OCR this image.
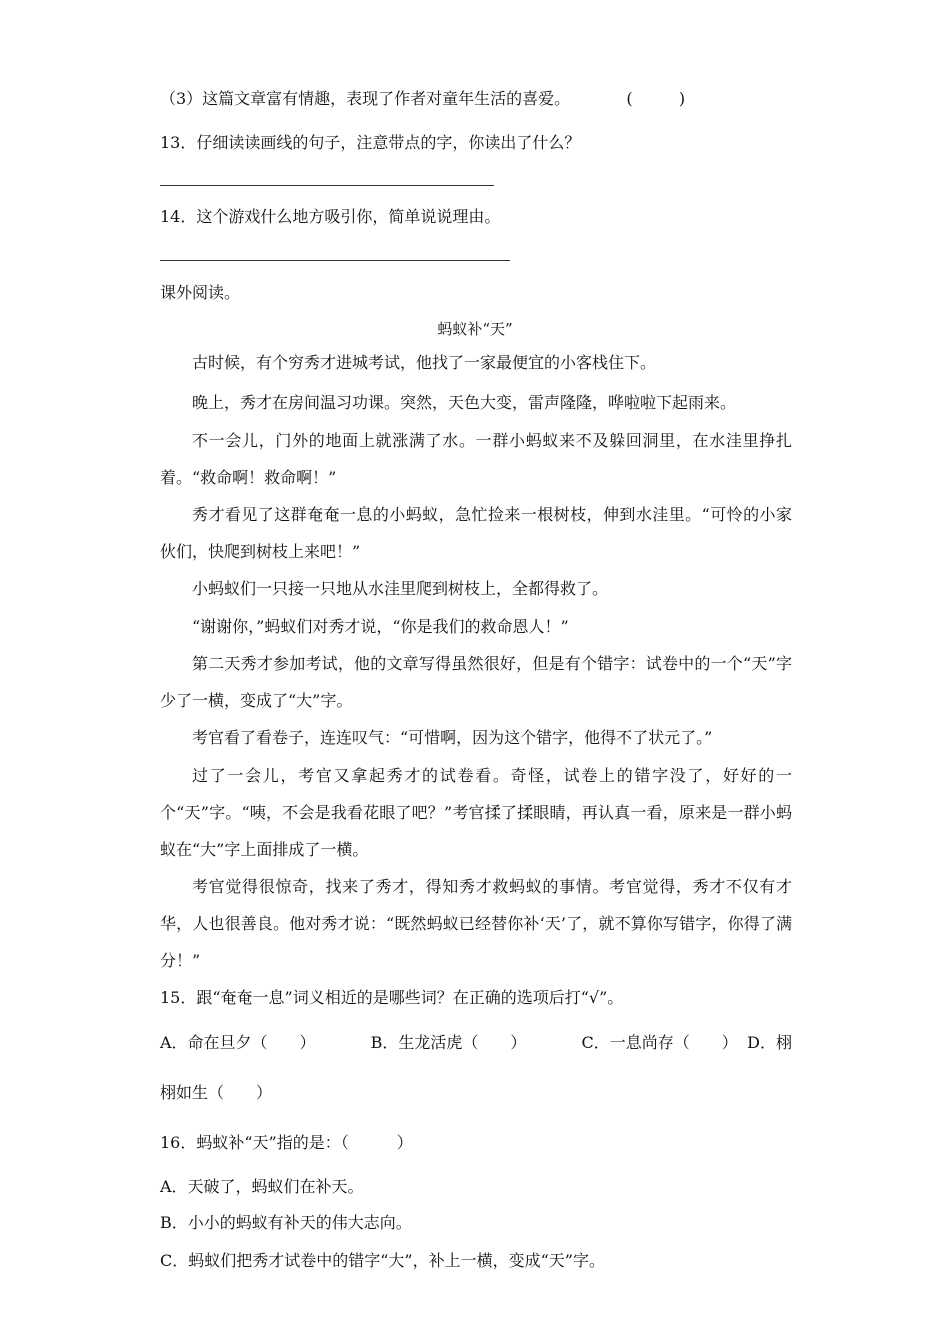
（3）这篇文章富有情趣，表现了作者对童年生活的喜爱。	(	)
13．仔细读读画线的句子，注意带点的字，你读出了什么？
14．这个游戏什么地方吸引你，简单说说理由。
课外阅读。
蚂蚁补“天”
古时候，有个穷秀才进城考试，他找了一家最便宜的小客栈住下。
晚上，秀才在房间温习功课。突然，天色大变，雷声隆隆，哗啦啦下起雨来。
不一会儿，门外的地面上就涨满了水。一群小蚂蚁来不及躲回洞里，在水洼里挣扎着。“救命啊！救命啊！”
秀才看见了这群奄奄一息的小蚂蚁，急忙捡来一根树枝，伸到水洼里。“可怜的小家伙们，快爬到树枝上来吧！”
小蚂蚁们一只接一只地从水洼里爬到树枝上，全都得救了。
“谢谢你，”蚂蚁们对秀才说，“你是我们的救命恩人！”
第二天秀才参加考试，他的文章写得虽然很好，但是有个错字：试卷中的一个“天”字少了一横，变成了“大”字。
考官看了看卷子，连连叹气：“可惜啊，因为这个错字，他得不了状元了。”
过了一会儿，考官又拿起秀才的试卷看。奇怪，试卷上的错字没了，好好的一个“天”字。“咦，不会是我看花眼了吧？”考官揉了揉眼睛，再认真一看，原来是一群小蚂蚁在“大”字上面排成了一横。
考官觉得很惊奇，找来了秀才，得知秀才救蚂蚁的事情。考官觉得，秀才不仅有才华，人也很善良。他对秀才说：“既然蚂蚁已经替你补‘天’了，就不算你写错字，你得了满分！”
15．跟“奄奄一息”词义相近的是哪些词？在正确的选项后打“√”。
A．命在旦夕（　　）	B．生龙活虎（　　）	C．一息尚存（　　） D．栩
栩如生（　　）
16．蚂蚁补“天”指的是：（　　　）
A．天破了，蚂蚁们在补天。
B．小小的蚂蚁有补天的伟大志向。
C．蚂蚁们把秀才试卷中的错字“大”，补上一横，变成“天”字。
